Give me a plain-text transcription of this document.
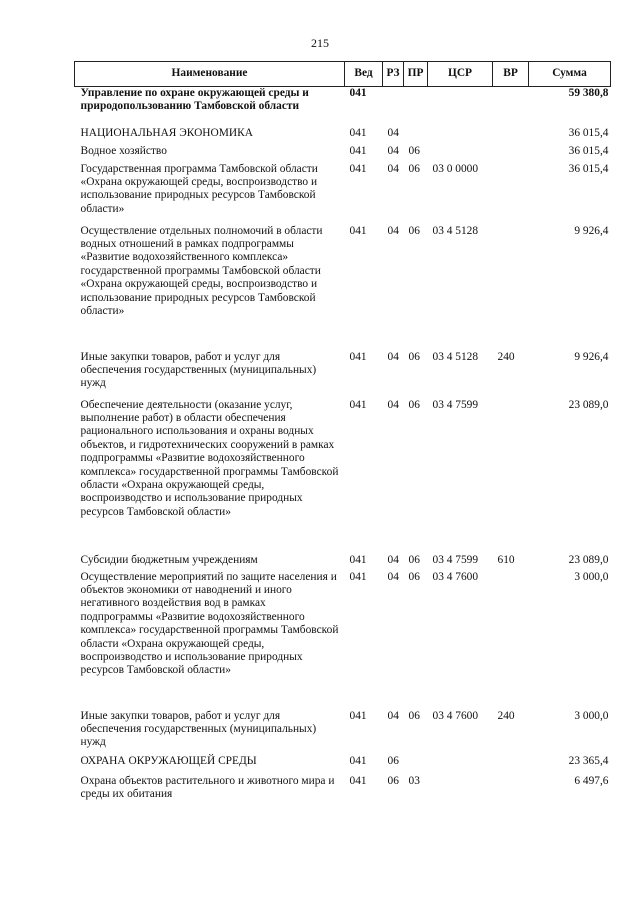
215
Наименование	Вед	РЗ	ПР	ЦСР	ВР	Сумма
Управление по охране окружающей среды и природопользованию Тамбовской области	041					59 380,8
НАЦИОНАЛЬНАЯ ЭКОНОМИКА	041	04				36 015,4
Водное хозяйство	041	04	06			36 015,4
Государственная программа Тамбовской области «Охрана окружающей среды, воспроизводство и использование природных ресурсов Тамбовской области»	041	04	06	03 0 0000		36 015,4
Осуществление отдельных полномочий в области водных отношений в рамках подпрограммы «Развитие водохозяйственного комплекса» государственной программы Тамбовской области «Охрана окружающей среды, воспроизводство и использование природных ресурсов Тамбовской области»	041	04	06	03 4 5128		9 926,4
Иные закупки товаров, работ и услуг для обеспечения государственных (муниципальных) нужд	041	04	06	03 4 5128	240	9 926,4
Обеспечение деятельности (оказание услуг, выполнение работ) в области обеспечения рационального использования и охраны водных объектов, и гидротехнических сооружений в рамках подпрограммы «Развитие водохозяйственного комплекса» государственной программы Тамбовской области «Охрана окружающей среды, воспроизводство и использование природных ресурсов Тамбовской области»	041	04	06	03 4 7599		23 089,0
Субсидии бюджетным учреждениям	041	04	06	03 4 7599	610	23 089,0
Осуществление мероприятий по защите населения и объектов экономики от наводнений и иного негативного воздействия вод в рамках подпрограммы «Развитие водохозяйственного комплекса» государственной программы Тамбовской области «Охрана окружающей среды, воспроизводство и использование природных ресурсов Тамбовской области»	041	04	06	03 4 7600		3 000,0
Иные закупки товаров, работ и услуг для обеспечения государственных (муниципальных) нужд	041	04	06	03 4 7600	240	3 000,0
ОХРАНА ОКРУЖАЮЩЕЙ СРЕДЫ	041	06				23 365,4
Охрана объектов растительного и животного мира и среды их обитания	041	06	03			6 497,6
